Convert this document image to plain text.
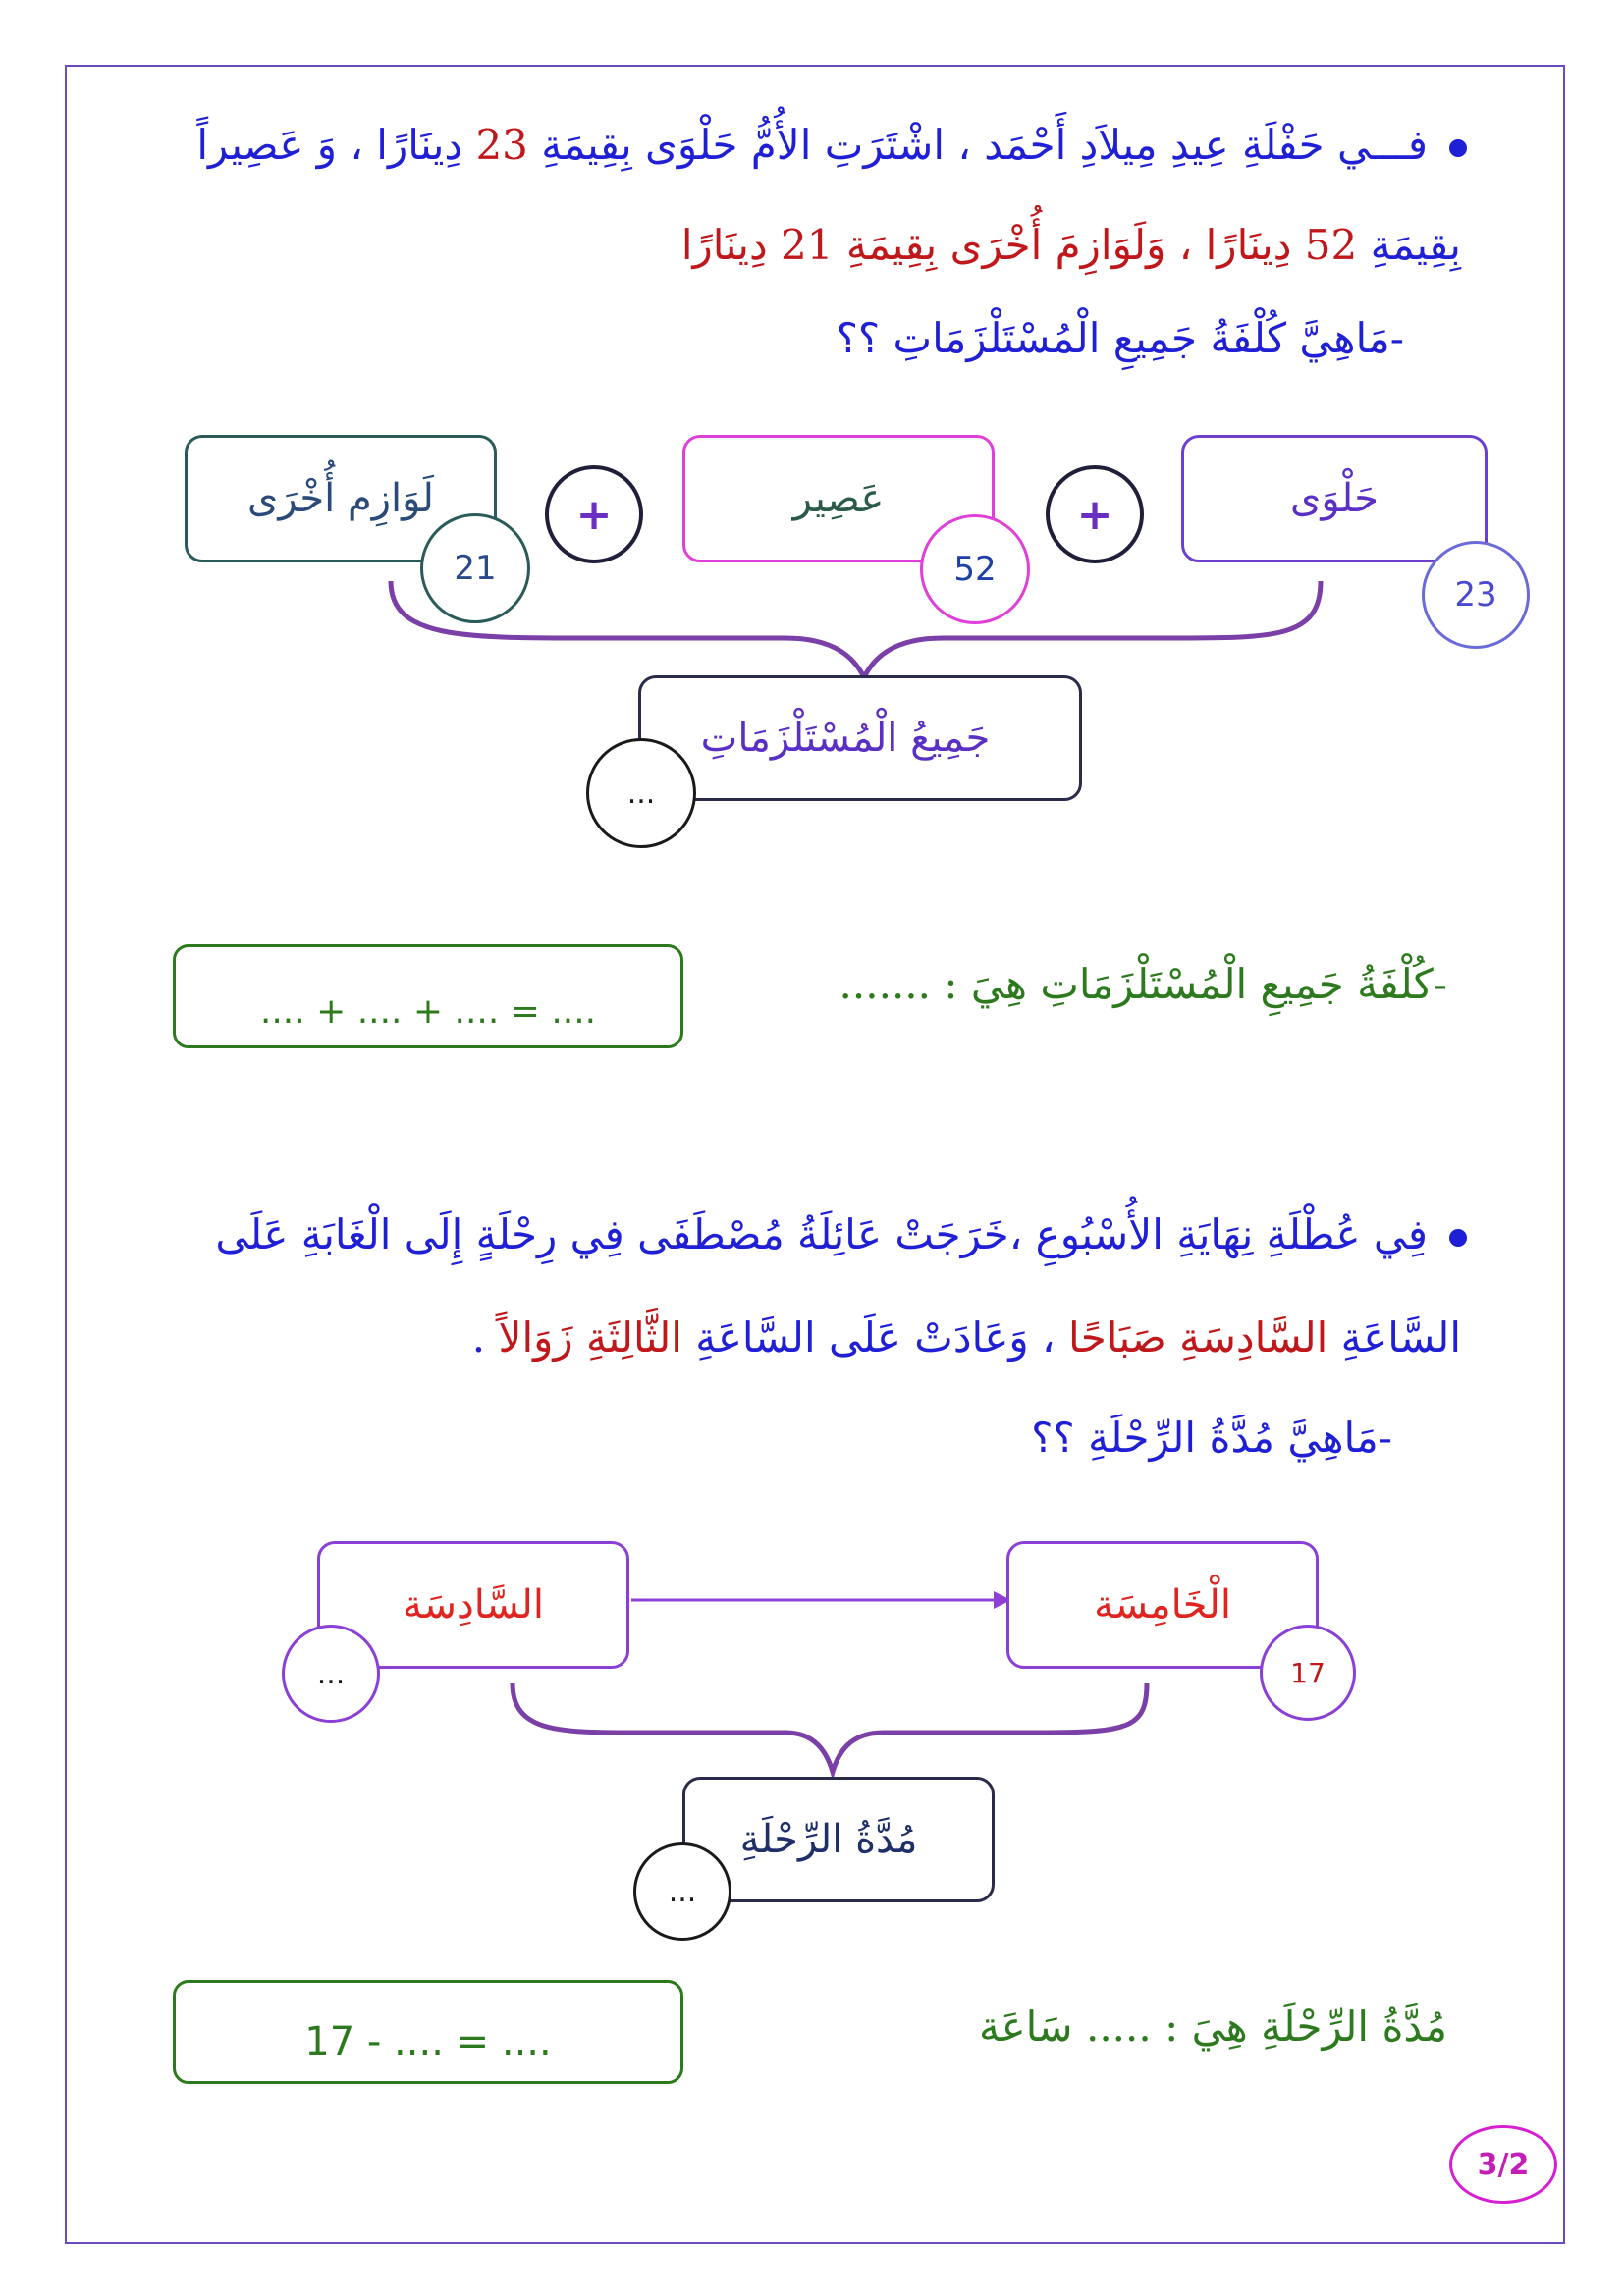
فـــي حَفْلَةِ عِيدِ مِيلاَدِ أَحْمَد ، اشْتَرَتِ الأُمُّ حَلْوَى بِقِيمَةِ 23 دِينَارًا ، وَ عَصِيراً
بِقِيمَةِ 52 دِينَارًا ، وَلَوَازِمَ أُخْرَى بِقِيمَةِ 21 دِينَارًا
-مَاهِيَّ كُلْفَةُ جَمِيعِ الْمُسْتَلْزَمَاتِ ؟؟
حَلْوَى
23
+
عَصِير
52
+
لَوَازِم أُخْرَى
21
جَمِيعُ الْمُسْتَلْزَمَاتِ
...
-كُلْفَةُ جَمِيعِ الْمُسْتَلْزَمَاتِ هِيَ : .......
.... + .... + .... = ....
فِي عُطْلَةِ نِهَايَةِ الأُسْبُوعِ ،خَرَجَتْ عَائِلَةُ مُصْطَفَى فِي رِحْلَةٍ إِلَى الْغَابَةِ عَلَى
السَّاعَةِ السَّادِسَةِ صَبَاحًا ، وَعَادَتْ عَلَى السَّاعَةِ الثَّالِثَةِ زَوَالاً .
-مَاهِيَّ مُدَّةُ الرِّحْلَةِ ؟؟
الْخَامِسَة
17
السَّادِسَة
...
مُدَّةُ الرِّحْلَةِ
...
مُدَّةُ الرِّحْلَةِ هِيَ : ..... سَاعَة
17 - .... = ....
3/2
